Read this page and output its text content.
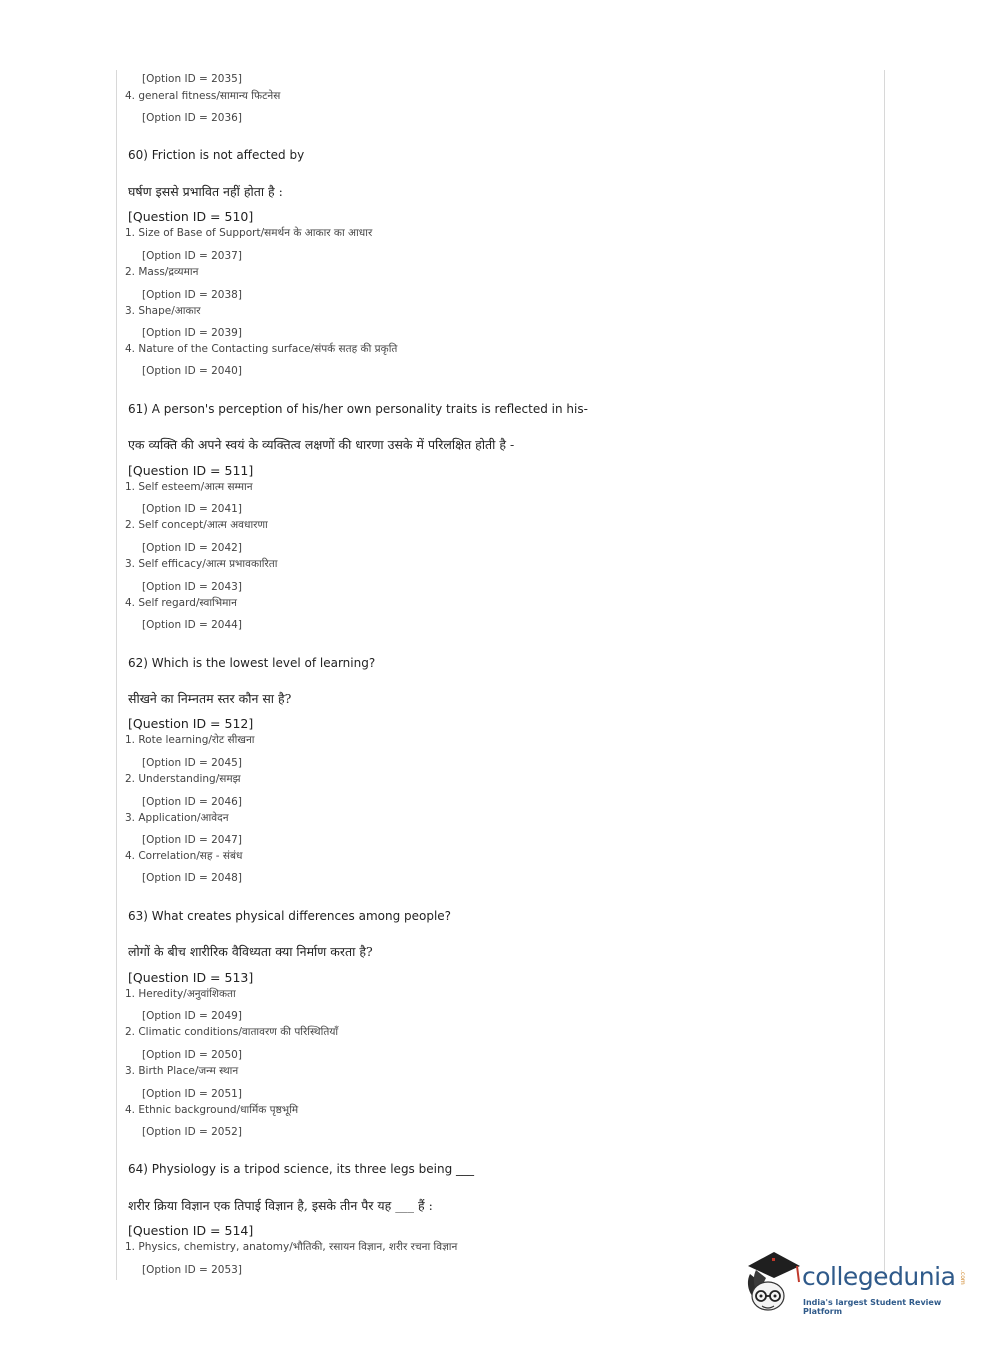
[Option ID = 2035]
4. general fitness/सामान्य फिटनेस
[Option ID = 2036]
60) Friction is not affected by
घर्षण इससे प्रभावित नहीं होता है :
[Question ID = 510]
1. Size of Base of Support/समर्थन के आकार का आधार
[Option ID = 2037]
2. Mass/द्रव्यमान
[Option ID = 2038]
3. Shape/आकार
[Option ID = 2039]
4. Nature of the Contacting surface/संपर्क सतह की प्रकृति
[Option ID = 2040]
61) A person's perception of his/her own personality traits is reflected in his-
एक व्यक्ति की अपने स्वयं के व्यक्तित्व लक्षणों की धारणा उसके में परिलक्षित होती है -
[Question ID = 511]
1. Self esteem/आत्म सम्मान
[Option ID = 2041]
2. Self concept/आत्म अवधारणा
[Option ID = 2042]
3. Self efficacy/आत्म प्रभावकारिता
[Option ID = 2043]
4. Self regard/स्वाभिमान
[Option ID = 2044]
62) Which is the lowest level of learning?
सीखने का निम्नतम स्तर कौन सा है?
[Question ID = 512]
1. Rote learning/रोट सीखना
[Option ID = 2045]
2. Understanding/समझ
[Option ID = 2046]
3. Application/आवेदन
[Option ID = 2047]
4. Correlation/सह - संबंध
[Option ID = 2048]
63) What creates physical differences among people?
लोगों के बीच शारीरिक वैविध्यता क्या निर्माण करता है?
[Question ID = 513]
1. Heredity/अनुवांशिकता
[Option ID = 2049]
2. Climatic conditions/वातावरण की परिस्थितियाँ
[Option ID = 2050]
3. Birth Place/जन्म स्थान
[Option ID = 2051]
4. Ethnic background/धार्मिक पृष्ठभूमि
[Option ID = 2052]
64) Physiology is a tripod science, its three legs being ___
शरीर क्रिया विज्ञान एक तिपाई विज्ञान है, इसके तीन पैर यह ___ हैं :
[Question ID = 514]
1. Physics, chemistry, anatomy/भौतिकी, रसायन विज्ञान, शरीर रचना विज्ञान
[Option ID = 2053]	collegedunia .com
India's largest Student Review Platform
